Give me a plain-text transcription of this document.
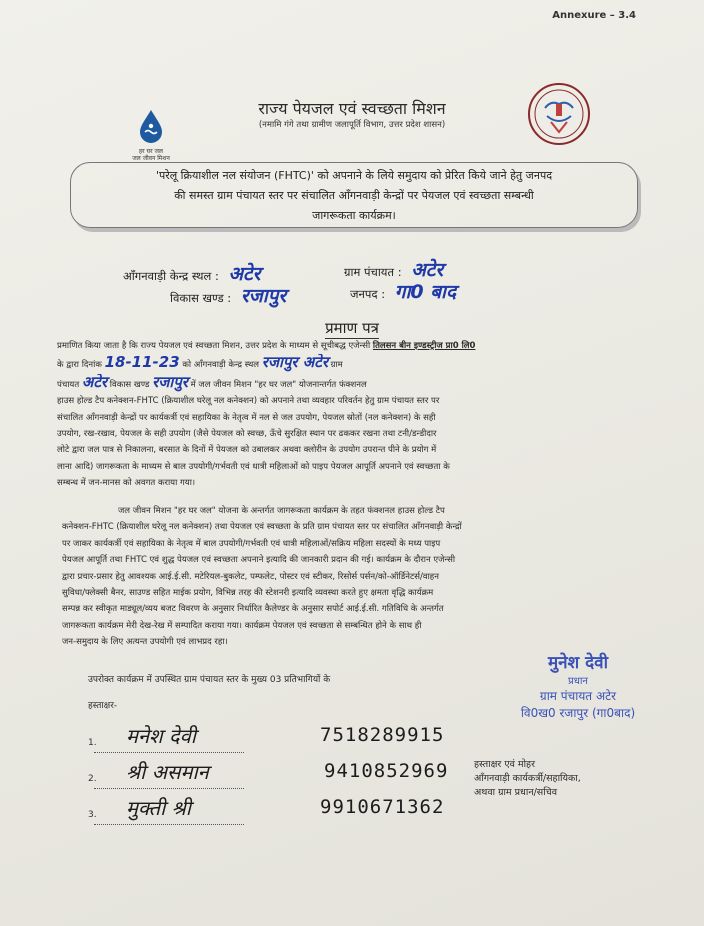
Annexure – 3.4
हर घर जल
जल जीवन मिशन
राज्य पेयजल एवं स्वच्छता मिशन
(नमामि गंगे तथा ग्रामीण जलापूर्ति विभाग, उत्तर प्रदेश शासन)
'परेलू क्रियाशील नल संयोजन (FHTC)' को अपनाने के लिये समुदाय को प्रेरित किये जाने हेतु जनपद
की समस्त ग्राम पंचायत स्तर पर संचालित आँगनवाड़ी केन्द्रों पर पेयजल एवं स्वच्छता सम्बन्धी
जागरूकता कार्यक्रम।
आँगनवाड़ी केन्द्र स्थल : अटेर	ग्राम पंचायत : अटेर
विकास खण्ड : रजापुर	जनपद : गा0 बाद
प्रमाण पत्र
प्रमाणित किया जाता है कि राज्य पेयजल एवं स्वच्छता मिशन, उत्तर प्रदेश के माध्यम से सूचीबद्ध एजेन्सी तिलसन बीन इण्डस्ट्रीज प्रा0 लि0
के द्वारा दिनांक 18-11-23 को आँगनवाड़ी केन्द्र स्थल रजापुर अटेर ग्राम
पंचायत अटेर विकास खण्ड रजापुर में जल जीवन मिशन "हर घर जल" योजनान्तर्गत फंक्शनल
हाउस होल्ड टैप कनेक्शन-FHTC (क्रियाशील घरेलू नल कनेक्शन) को अपनाने तथा व्यवहार परिवर्तन हेतु ग्राम पंचायत स्तर पर
संचालित आँगनवाड़ी केन्द्रों पर कार्यकर्त्री एवं सहायिका के नेतृत्व में नल से जल उपयोग, पेयजल स्रोतों (नल कनेक्शन) के सही
उपयोग, रख-रखाव, पेयजल के सही उपयोग (जैसे पेयजल को स्वच्छ, ऊँचे सुरक्षित स्थान पर ढककर रखना तथा टनी/डन्डीदार
लोटे द्वारा जल पात्र से निकालना, बरसात के दिनों में पेयजल को उबालकर अथवा क्लोरीन के उपयोग उपरान्त पीने के प्रयोग में
लाना आदि) जागरूकता के माध्यम से बाल उपयोगी/गर्भवती एवं धात्री महिलाओं को पाइप पेयजल आपूर्ति अपनाने एवं स्वच्छता के
सम्बन्ध में जन-मानस को अवगत कराया गया।
जल जीवन मिशन "हर घर जल" योजना के अन्तर्गत जागरूकता कार्यक्रम के तहत फंक्शनल हाउस होल्ड टैप
कनेक्शन-FHTC (क्रियाशील घरेलू नल कनेक्शन) तथा पेयजल एवं स्वच्छता के प्रति ग्राम पंचायत स्तर पर संचालित आँगनवाड़ी केन्द्रों
पर जाकर कार्यकर्त्री एवं सहायिका के नेतृत्व में बाल उपयोगी/गर्भवती एवं धात्री महिलाओं/सक्रिय महिला सदस्यों के मध्य पाइप
पेयजल आपूर्ति तथा FHTC एवं शुद्ध पेयजल एवं स्वच्छता अपनाने इत्यादि की जानकारी प्रदान की गई। कार्यक्रम के दौरान एजेन्सी
द्वारा प्रचार-प्रसार हेतु आवश्यक आई.ई.सी. मटेरियल-बुकलेट, पम्फलेट, पोस्टर एवं स्टीकर, रिसोर्स पर्सन/को-ऑर्डिनेटर्स/वाहन
सुविधा/फ्लेक्सी बैनर, साउण्ड सहित माईक प्रयोग, विभिन्न तरह की स्टेशनरी इत्यादि व्यवस्था करते हुए क्षमता वृद्धि कार्यक्रम
सम्पन्न कर स्वीकृत माड्यूल/व्यय बजट विवरण के अनुसार निर्धारित कैलेण्डर के अनुसार सपोर्ट आई.ई.सी. गतिविधि के अन्तर्गत
जागरूकता कार्यक्रम मेरी देख-रेख में सम्पादित कराया गया। कार्यक्रम पेयजल एवं स्वच्छता से सम्बन्धित होने के साथ ही
जन-समुदाय के लिए अत्यन्त उपयोगी एवं लाभप्रद रहा।
मुनेश देवी
प्रधान
ग्राम पंचायत अटेर
वि0ख0 रजापुर (गा0बाद)
उपरोक्त कार्यक्रम में उपस्थित ग्राम पंचायत स्तर के मुख्य 03 प्रतिभागियों के
हस्ताक्षर-
1. मनेश देवी	7518289915
2. श्री असमान	9410852969
3. मुक्ती श्री	9910671362
हस्ताक्षर एवं मोहर
आँगनवाड़ी कार्यकर्त्री/सहायिका,
अथवा ग्राम प्रधान/सचिव
